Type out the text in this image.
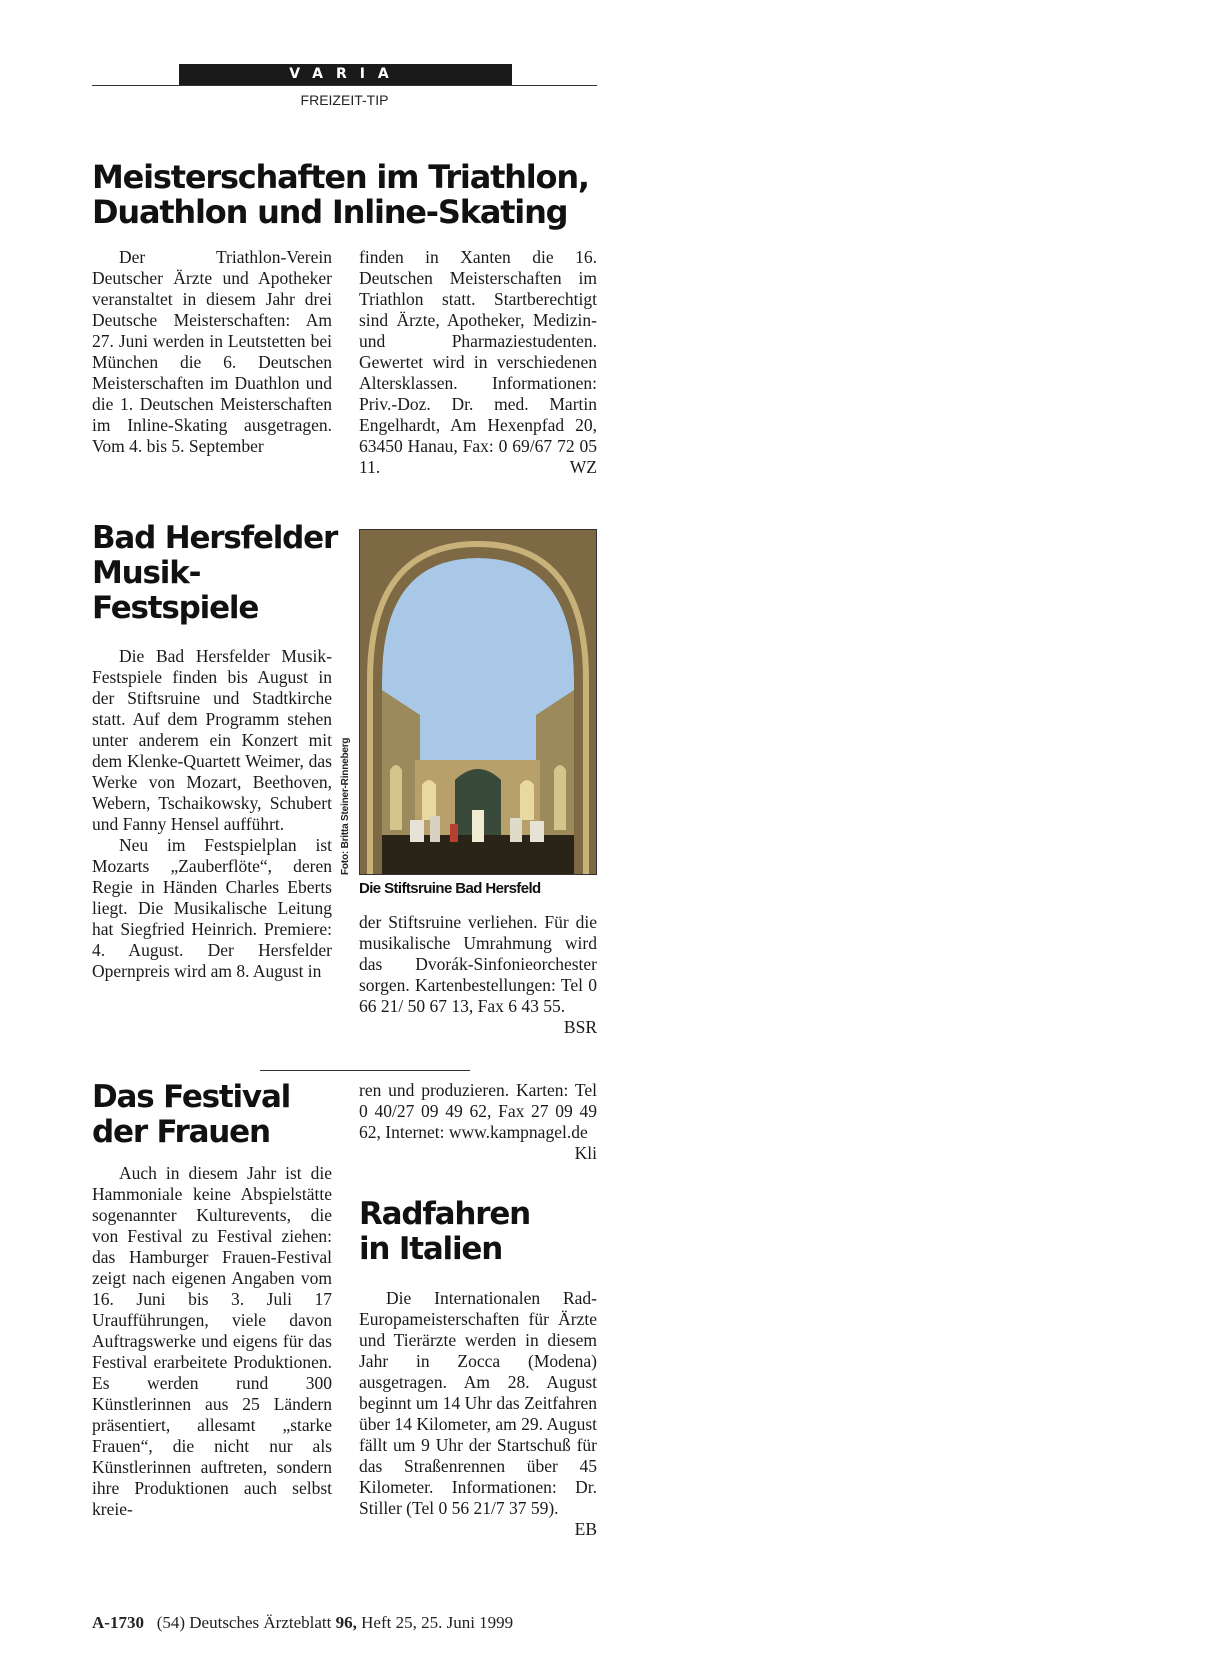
VARIA
FREIZEIT-TIP
Meisterschaften im Triathlon,
Duathlon und Inline-Skating

Der Triathlon-Verein Deutscher Ärzte und Apotheker veranstaltet in diesem Jahr drei Deutsche Meisterschaften: Am 27. Juni werden in Leutstetten bei München die 6. Deutschen Meisterschaften im Duathlon und die 1. Deutschen Meisterschaften im Inline-Skating ausgetragen. Vom 4. bis 5. September

finden in Xanten die 16. Deutschen Meisterschaften im Triathlon statt. Startberechtigt sind Ärzte, Apotheker, Medizin- und Pharmaziestudenten. Gewertet wird in verschiedenen Altersklassen. Informationen: Priv.-Doz. Dr. med. Martin Engelhardt, Am Hexenpfad 20, 63450 Hanau, Fax: 0 69/67 72 05 11.	WZ

Bad Hersfelder
Musik-
Festspiele

Die Bad Hersfelder Musik-Festspiele finden bis August in der Stiftsruine und Stadtkirche statt. Auf dem Programm stehen unter anderem ein Konzert mit dem Klenke-Quartett Weimer, das Werke von Mozart, Beethoven, Webern, Tschaikowsky, Schubert und Fanny Hensel aufführt.

Neu im Festspielplan ist Mozarts „Zauberflöte“, deren Regie in Händen Charles Eberts liegt. Die Musikalische Leitung hat Siegfried Heinrich. Premiere: 4. August. Der Hersfelder Opernpreis wird am 8. August in

Foto: Britta Steiner-Rinneberg
Die Stiftsruine Bad Hersfeld

der Stiftsruine verliehen. Für die musikalische Umrahmung wird das Dvorák-Sinfonieorchester sorgen. Kartenbestellungen: Tel 0 66 21/ 50 67 13, Fax 6 43 55.
BSR

Das Festival
der Frauen

Auch in diesem Jahr ist die Hammoniale keine Abspielstätte sogenannter Kulturevents, die von Festival zu Festival ziehen: das Hamburger Frauen-Festival zeigt nach eigenen Angaben vom 16. Juni bis 3. Juli 17 Uraufführungen, viele davon Auftragswerke und eigens für das Festival erarbeitete Produktionen. Es werden rund 300 Künstlerinnen aus 25 Ländern präsentiert, allesamt „starke Frauen“, die nicht nur als Künstlerinnen auftreten, sondern ihre Produktionen auch selbst kreie-

ren und produzieren. Karten: Tel 0 40/27 09 49 62, Fax 27 09 49 62, Internet: www.kampnagel.de
Kli

Radfahren
in Italien

Die Internationalen Rad-Europameisterschaften für Ärzte und Tierärzte werden in diesem Jahr in Zocca (Modena) ausgetragen. Am 28. August beginnt um 14 Uhr das Zeitfahren über 14 Kilometer, am 29. August fällt um 9 Uhr der Startschuß für das Straßenrennen über 45 Kilometer. Informationen: Dr. Stiller (Tel 0 56 21/7 37 59).
EB

A-1730 (54) Deutsches Ärzteblatt 96, Heft 25, 25. Juni 1999
